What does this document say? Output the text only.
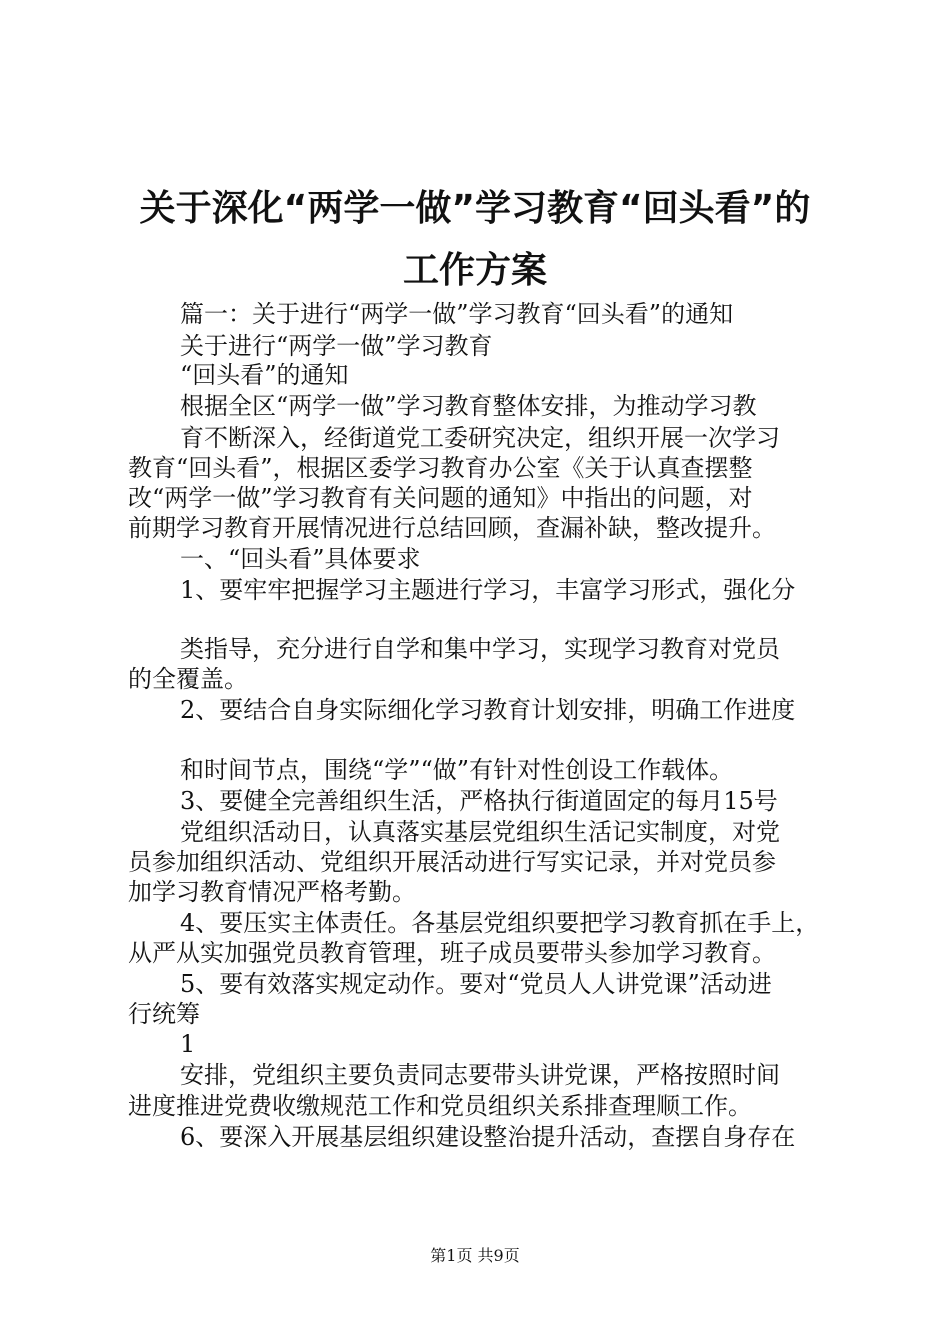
关于深化“两学一做”学习教育“回头看”的
工作方案

篇一：关于进行“两学一做”学习教育“回头看”的通知

关于进行“两学一做”学习教育

“回头看”的通知

根据全区“两学一做”学习教育整体安排，为推动学习教

育不断深入，经街道党工委研究决定，组织开展一次学习

教育“回头看”，根据区委学习教育办公室《关于认真查摆整

改“两学一做”学习教育有关问题的通知》中指出的问题，对

前期学习教育开展情况进行总结回顾，查漏补缺，整改提升。

一、“回头看”具体要求

1、要牢牢把握学习主题进行学习，丰富学习形式，强化分

类指导，充分进行自学和集中学习，实现学习教育对党员

的全覆盖。

2、要结合自身实际细化学习教育计划安排，明确工作进度

和时间节点，围绕“学”“做”有针对性创设工作载体。

3、要健全完善组织生活，严格执行街道固定的每月15号

党组织活动日，认真落实基层党组织生活记实制度，对党

员参加组织活动、党组织开展活动进行写实记录，并对党员参

加学习教育情况严格考勤。

4、要压实主体责任。各基层党组织要把学习教育抓在手上，

从严从实加强党员教育管理，班子成员要带头参加学习教育。

5、要有效落实规定动作。要对“党员人人讲党课”活动进

行统筹

1

安排，党组织主要负责同志要带头讲党课，严格按照时间

进度推进党费收缴规范工作和党员组织关系排查理顺工作。

6、要深入开展基层组织建设整治提升活动，查摆自身存在

第1页 共9页
